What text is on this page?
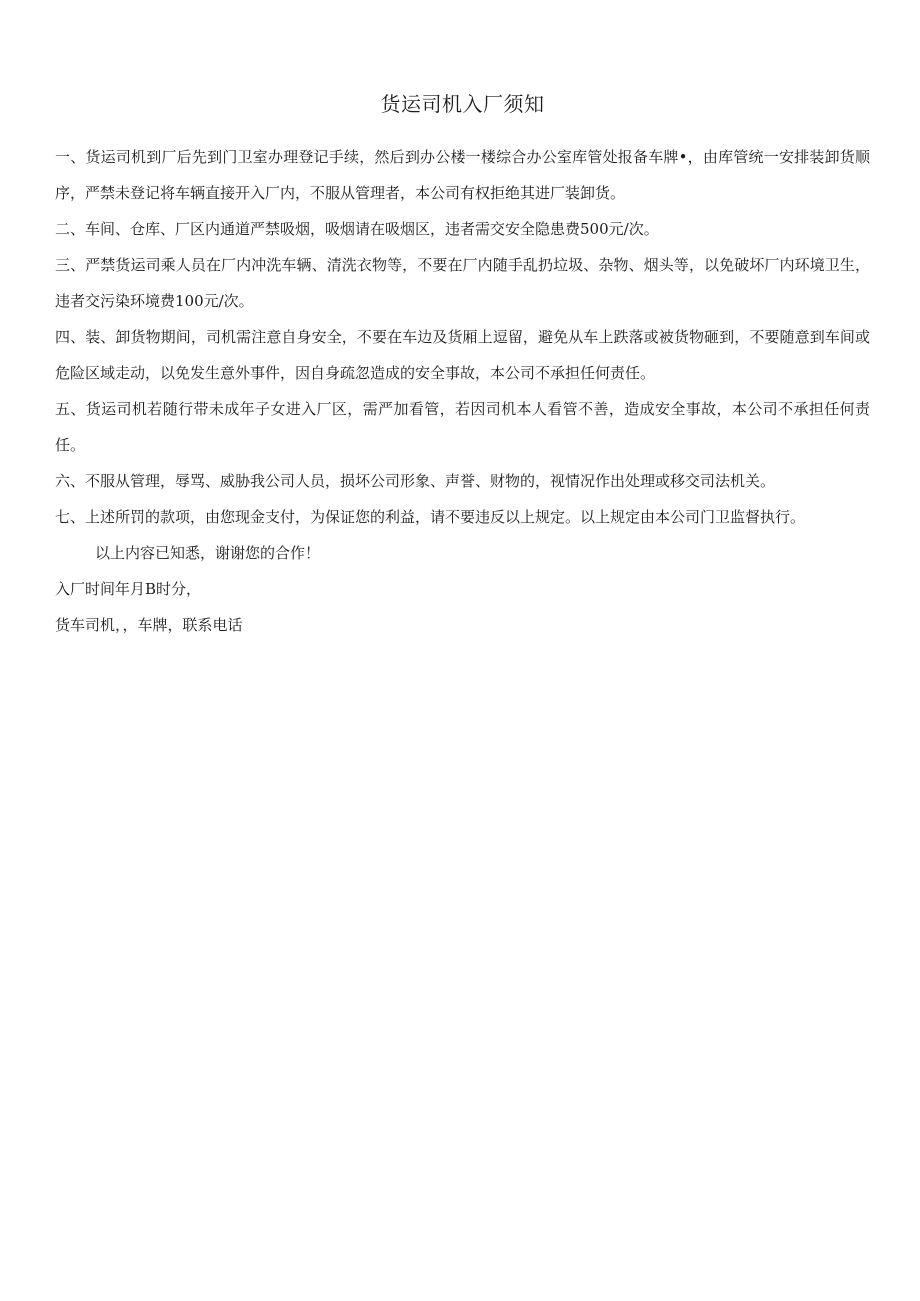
货运司机入厂须知

一、货运司机到厂后先到门卫室办理登记手续，然后到办公楼一楼综合办公室库管处报备车牌•，由库管统一安排装卸货顺序，严禁未登记将车辆直接开入厂内，不服从管理者，本公司有权拒绝其进厂装卸货。

二、车间、仓库、厂区内通道严禁吸烟，吸烟请在吸烟区，违者需交安全隐患费500元/次。

三、严禁货运司乘人员在厂内冲洗车辆、清洗衣物等，不要在厂内随手乱扔垃圾、杂物、烟头等，以免破坏厂内环境卫生，违者交污染环境费100元/次。

四、装、卸货物期间，司机需注意自身安全，不要在车边及货厢上逗留，避免从车上跌落或被货物砸到，不要随意到车间或危险区域走动，以免发生意外事件，因自身疏忽造成的安全事故，本公司不承担任何责任。

五、货运司机若随行带未成年子女进入厂区，需严加看管，若因司机本人看管不善，造成安全事故，本公司不承担任何责任。

六、不服从管理，辱骂、威胁我公司人员，损坏公司形象、声誉、财物的，视情况作出处理或移交司法机关。

七、上述所罚的款项，由您现金支付，为保证您的利益，请不要违反以上规定。以上规定由本公司门卫监督执行。

以上内容已知悉，谢谢您的合作！

入厂时间年月B时分，

货车司机，，车牌，联系电话
